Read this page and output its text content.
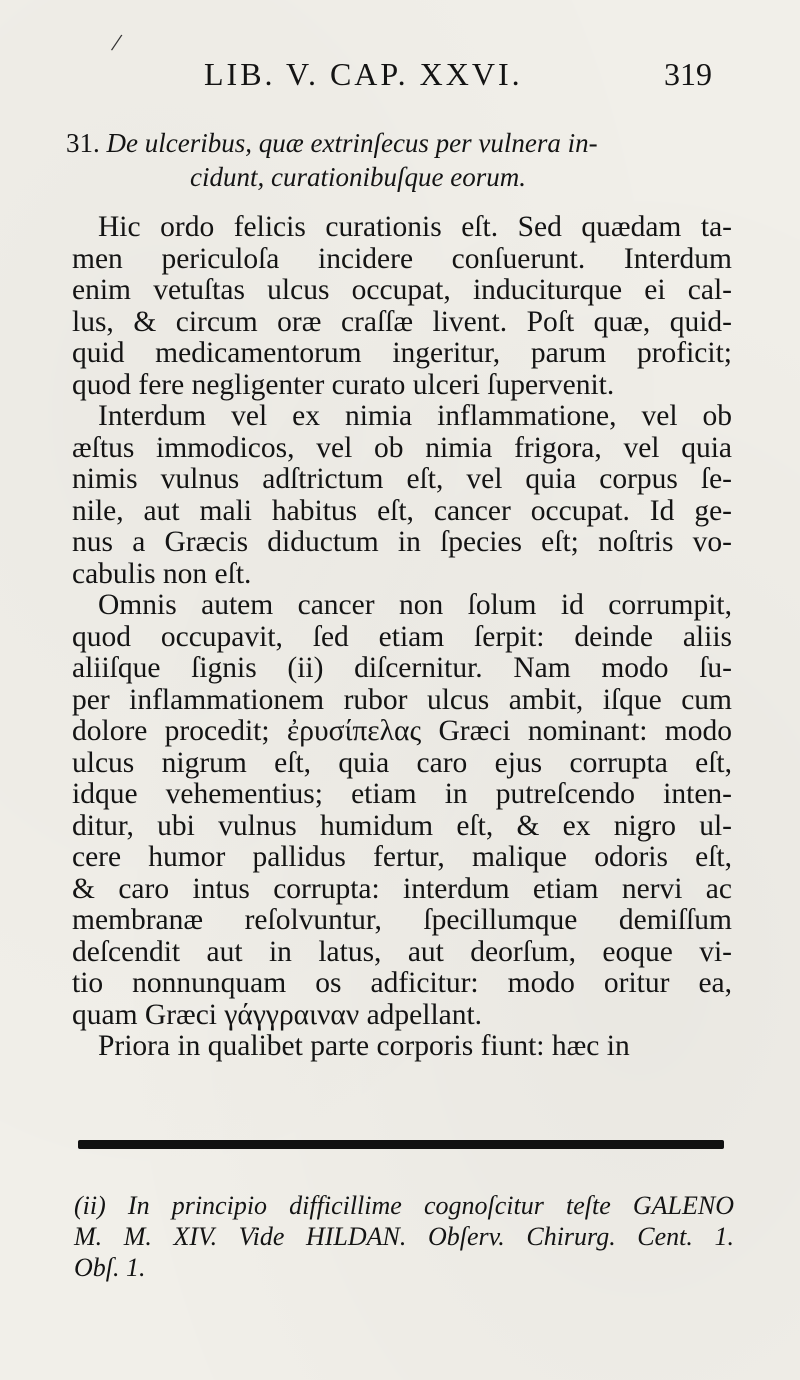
/
LIB. V. CAP. XXVI.	319
31. De ulceribus, quæ extrinſecus per vulnera in-
cidunt, curationibuſque eorum.
Hic ordo felicis curationis eſt. Sed quædam ta-
men periculoſa incidere conſuerunt. Interdum
enim vetuſtas ulcus occupat, induciturque ei cal-
lus, & circum oræ craſſæ livent. Poſt quæ, quid-
quid medicamentorum ingeritur, parum proficit;
quod fere negligenter curato ulceri ſupervenit.
Interdum vel ex nimia inflammatione, vel ob
æſtus immodicos, vel ob nimia frigora, vel quia
nimis vulnus adſtrictum eſt, vel quia corpus ſe-
nile, aut mali habitus eſt, cancer occupat. Id ge-
nus a Græcis diductum in ſpecies eſt; noſtris vo-
cabulis non eſt.
Omnis autem cancer non ſolum id corrumpit,
quod occupavit, ſed etiam ſerpit: deinde aliis
aliiſque ſignis (ii) diſcernitur. Nam modo ſu-
per inflammationem rubor ulcus ambit, iſque cum
dolore procedit; ἐρυσίπελας Græci nominant: modo
ulcus nigrum eſt, quia caro ejus corrupta eſt,
idque vehementius; etiam in putreſcendo inten-
ditur, ubi vulnus humidum eſt, & ex nigro ul-
cere humor pallidus fertur, malique odoris eſt,
& caro intus corrupta: interdum etiam nervi ac
membranæ reſolvuntur, ſpecillumque demiſſum
deſcendit aut in latus, aut deorſum, eoque vi-
tio nonnunquam os adficitur: modo oritur ea,
quam Græci γάγγραιναν adpellant.
Priora in qualibet parte corporis fiunt: hæc in
(ii) In principio difficillime cognoſcitur teſte GALENO
M. M. XIV. Vide HILDAN. Obſerv. Chirurg. Cent. 1.
Obſ. 1.
